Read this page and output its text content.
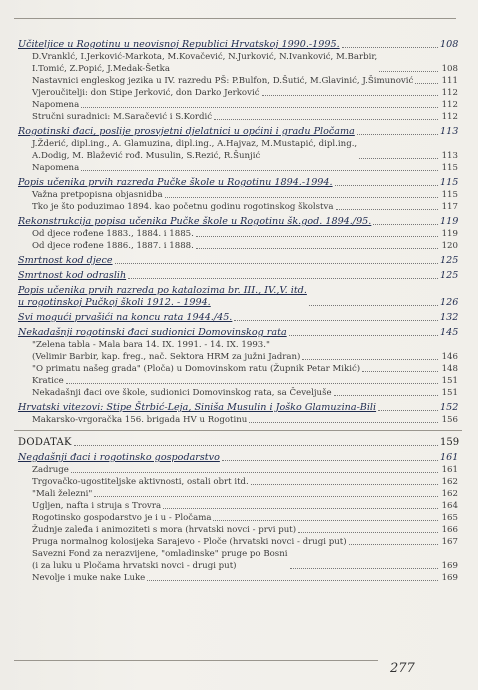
Učiteljice u Rogotinu u neovisnoj Republici Hrvatskoj 1990.-1995.	108
D.Vranklć, I.Jerković-Markota, M.Kovačević, N.Jurković, N.Ivanković, M.Barbir,
I.Tomić, Z.Popić, J.Medak-Šetka	108
Nastavnici engleskog jezika u IV. razredu PŠ: P.Bulfon, D.Šutić, M.Glavinić, J.Šimunović	111
Vjeroučitelji: don Stipe Jerković, don Darko Jerković	112
Napomena	112
Stručni suradnici: M.Saračević i S.Kordić	112
Rogotinski đaci, poslije prosvjetni djelatnici u općini i gradu Pločama	113
J.Žderić, dipl.ing., A. Glamuzina, dipl.ing., A.Hajvaz, M.Mustapić, dipl.ing.,
A.Dodig, M. Blažević rođ. Musulin, S.Rezić, R.Šunjić	113
Napomena	115
Popis učenika prvih razreda Pučke škole u Rogotinu 1894.-1994.	115
Važna pretpopisna objasnidba	115
Tko je što poduzimao 1894. kao početnu godinu rogotinskog školstva	117
Rekonstrukcija popisa učenika Pučke škole u Rogotinu šk.god. 1894./95.	119
Od djece rođene 1883., 1884. i 1885.	119
Od djece rođene 1886., 1887. i 1888.	120
Smrtnost kod djece	125
Smrtnost kod odraslih	125
Popis učenika prvih razreda po katalozima br. III., IV.,V. itd.
u rogotinskoj Pučkoj školi 1912. - 1994.	126
Svi mogući prvašići na koncu rata 1944./45.	132
Nekadašnji rogotinski đaci sudionici Domovinskog rata	145
"Zelena tabla - Mala bara 14. IX. 1991. - 14. IX. 1993."
(Velimir Barbir, kap. freg., nač. Sektora HRM za južni Jadran)	146
"O primatu našeg grada" (Ploča) u Domovinskom ratu (Župnik Petar Mikić)	148
Kratice	151
Nekadašnji đaci ove škole, sudionici Domovinskog rata, sa Čeveljuše	151
Hrvatski vitezovi: Stipe Štrbić-Leja, Siniša Musulin i Joško Glamuzina-Bili	152
Makarsko-vrgoračka 156. brigada HV u Rogotinu	156
DODATAK	159
Negdašnji đaci i rogotinsko gospodarstvo	161
Zadruge	161
Trgovačko-ugostiteljske aktivnosti, ostali obrt itd.	162
"Mali železni"	162
Ugljen, nafta i struja s Trovra	164
Rogotinsko gospodarstvo je i u - Pločama	165
Žudnje zaleđa i animoziteti s mora (hrvatski novci - prvi put)	166
Pruga normalnog kolosijeka Sarajevo - Ploče (hrvatski novci - drugi put)	167
Savezni Fond za nerazvijene, "omladinske" pruge po Bosni
(i za luku u Pločama hrvatski novci - drugi put)	169
Nevolje i muke nake Luke	169
277
